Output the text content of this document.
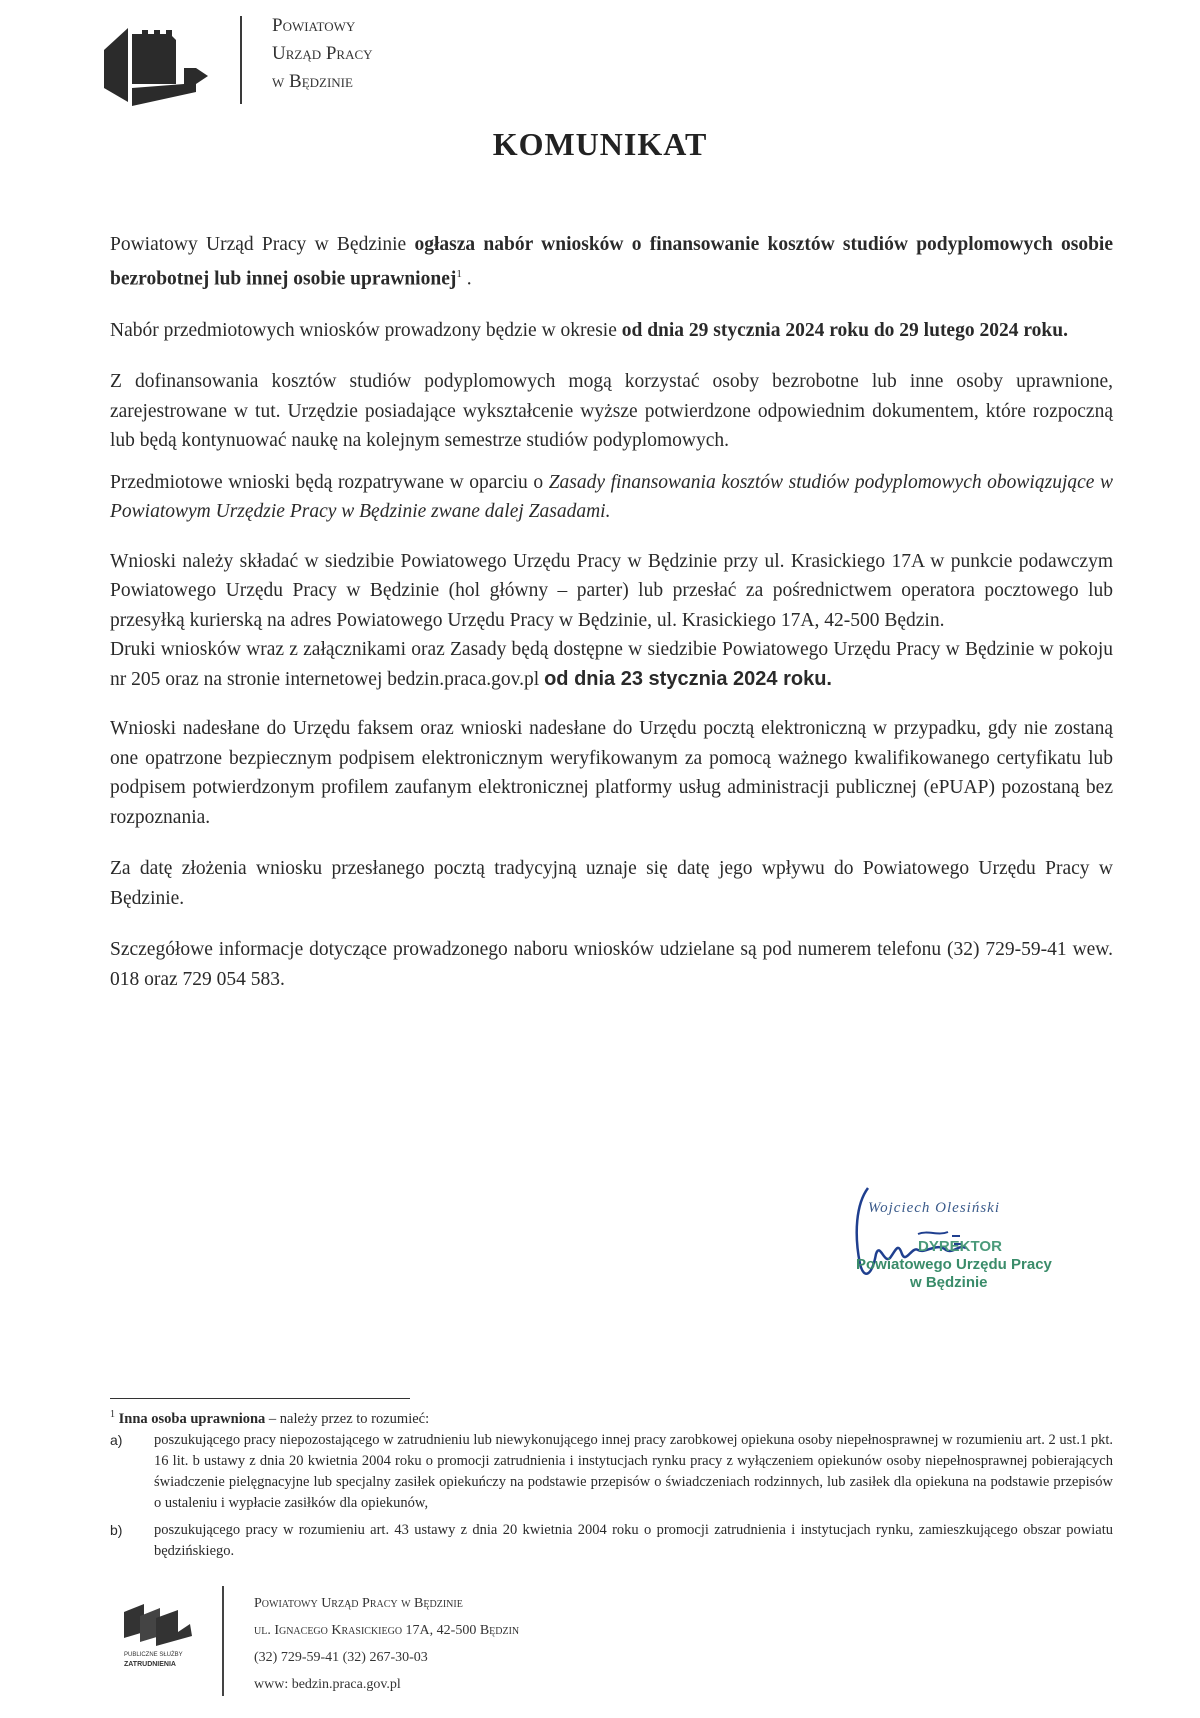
Powiatowy
Urząd Pracy
w Będzinie
KOMUNIKAT

Powiatowy Urząd Pracy w Będzinie ogłasza nabór wniosków o finansowanie kosztów studiów podyplomowych osobie bezrobotnej lub innej osobie uprawnionej$^1$ .

Nabór przedmiotowych wniosków prowadzony będzie w okresie od dnia 29 stycznia 2024 roku do 29 lutego 2024 roku.

Z dofinansowania kosztów studiów podyplomowych mogą korzystać osoby bezrobotne lub inne osoby uprawnione, zarejestrowane w tut. Urzędzie posiadające wykształcenie wyższe potwierdzone odpowiednim dokumentem, które rozpoczną lub będą kontynuować naukę na kolejnym semestrze studiów podyplomowych.

Przedmiotowe wnioski będą rozpatrywane w oparciu o Zasady finansowania kosztów studiów podyplomowych obowiązujące w Powiatowym Urzędzie Pracy w Będzinie zwane dalej Zasadami.

Wnioski należy składać w siedzibie Powiatowego Urzędu Pracy w Będzinie przy ul. Krasickiego 17A w punkcie podawczym Powiatowego Urzędu Pracy w Będzinie (hol główny – parter) lub przesłać za pośrednictwem operatora pocztowego lub przesyłką kurierską na adres Powiatowego Urzędu Pracy w Będzinie, ul. Krasickiego 17A, 42-500 Będzin.

Druki wniosków wraz z załącznikami oraz Zasady będą dostępne w siedzibie Powiatowego Urzędu Pracy w Będzinie w pokoju nr 205 oraz na stronie internetowej bedzin.praca.gov.pl od dnia 23 stycznia 2024 roku.

Wnioski nadesłane do Urzędu faksem oraz wnioski nadesłane do Urzędu pocztą elektroniczną w przypadku, gdy nie zostaną one opatrzone bezpiecznym podpisem elektronicznym weryfikowanym za pomocą ważnego kwalifikowanego certyfikatu lub podpisem potwierdzonym profilem zaufanym elektronicznej platformy usług administracji publicznej (ePUAP) pozostaną bez rozpoznania.

Za datę złożenia wniosku przesłanego pocztą tradycyjną uznaje się datę jego wpływu do Powiatowego Urzędu Pracy w Będzinie.

Szczegółowe informacje dotyczące prowadzonego naboru wniosków udzielane są pod numerem telefonu (32) 729-59-41 wew. 018 oraz 729 054 583.

Wojciech Olesiński
DYREKTOR
Powiatowego Urzędu Pracy
w Będzinie

$^1$ Inna osoba uprawniona – należy przez to rozumieć:

a)	poszukującego pracy niepozostającego w zatrudnieniu lub niewykonującego innej pracy zarobkowej opiekuna osoby niepełnosprawnej w rozumieniu art. 2 ust.1 pkt. 16 lit. b ustawy z dnia 20 kwietnia 2004 roku o promocji zatrudnienia i instytucjach rynku pracy z wyłączeniem opiekunów osoby niepełnosprawnej pobierających świadczenie pielęgnacyjne lub specjalny zasiłek opiekuńczy na podstawie przepisów o świadczeniach rodzinnych, lub zasiłek dla opiekuna na podstawie przepisów o ustaleniu i wypłacie zasiłków dla opiekunów,
b)	poszukującego pracy w rozumieniu art. 43 ustawy z dnia 20 kwietnia 2004 roku o promocji zatrudnienia i instytucjach rynku, zamieszkującego obszar powiatu będzińskiego.
PUBLICZNE SŁUŻBY
ZATRUDNIENIA
Powiatowy Urząd Pracy w Będzinie
ul. Ignacego Krasickiego 17A, 42-500 Będzin
(32) 729-59-41 (32) 267-30-03
www: bedzin.praca.gov.pl
